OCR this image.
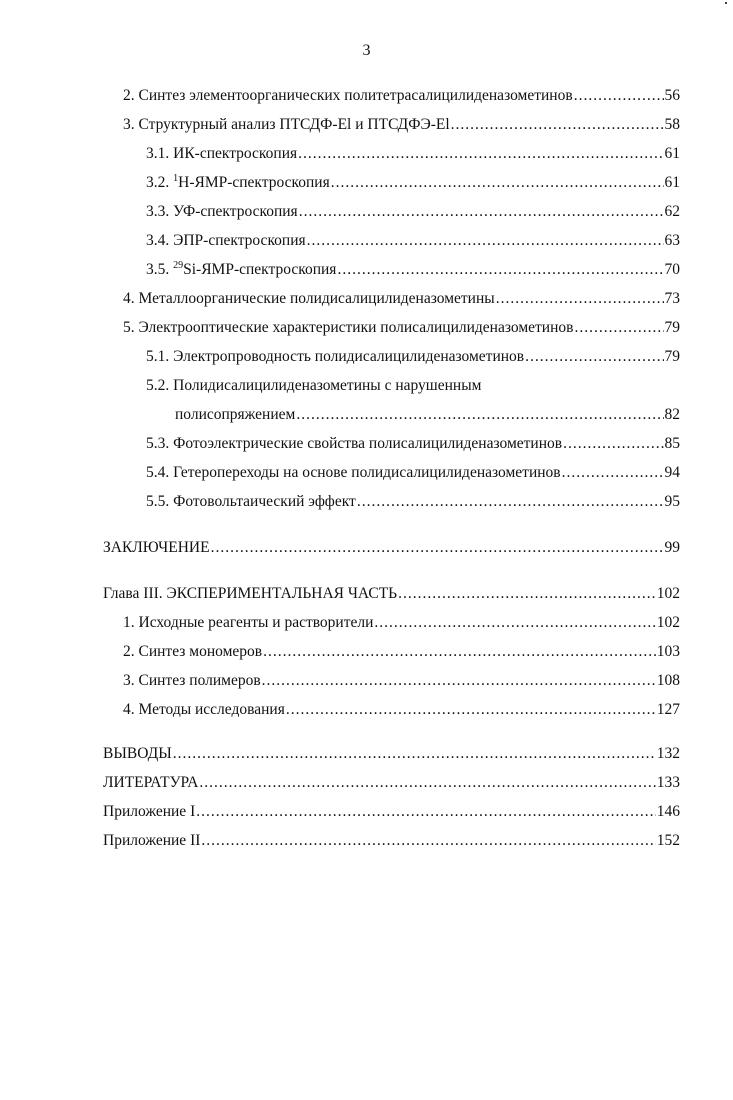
3
2. Синтез элементоорганических политетрасалицилиденазометинов .....	56
3. Структурный анализ ПТСДФ-El и ПТСДФЭ-El .....	58
3.1. ИК-спектроскопия .....	61
3.2. $^1$Н-ЯМР-спектроскопия .....	61
3.3. УФ-спектроскопия .....	62
3.4. ЭПР-спектроскопия .....	63
3.5. $^{29}$Si-ЯМР-спектроскопия .....	70
4. Металлоорганические полидисалицилиденазометины .....	73
5. Электрооптические характеристики полисалицилиденазометинов .....	79
5.1. Электропроводность полидисалицилиденазометинов .....	79
5.2. Полидисалицилиденазометины с нарушенным
полисопряжением .....	82
5.3. Фотоэлектрические свойства полисалицилиденазометинов .....	85
5.4. Гетеропереходы на основе полидисалицилиденазометинов .....	94
5.5. Фотовольтаический эффект .....	95
ЗАКЛЮЧЕНИЕ .....	99
Глава III. ЭКСПЕРИМЕНТАЛЬНАЯ ЧАСТЬ .....	102
1. Исходные реагенты и растворители .....	102
2. Синтез мономеров .....	103
3. Синтез полимеров .....	108
4. Методы исследования .....	127
ВЫВОДЫ .....	132
ЛИТЕРАТУРА .....	133
Приложение I .....	146
Приложение II .....	152
